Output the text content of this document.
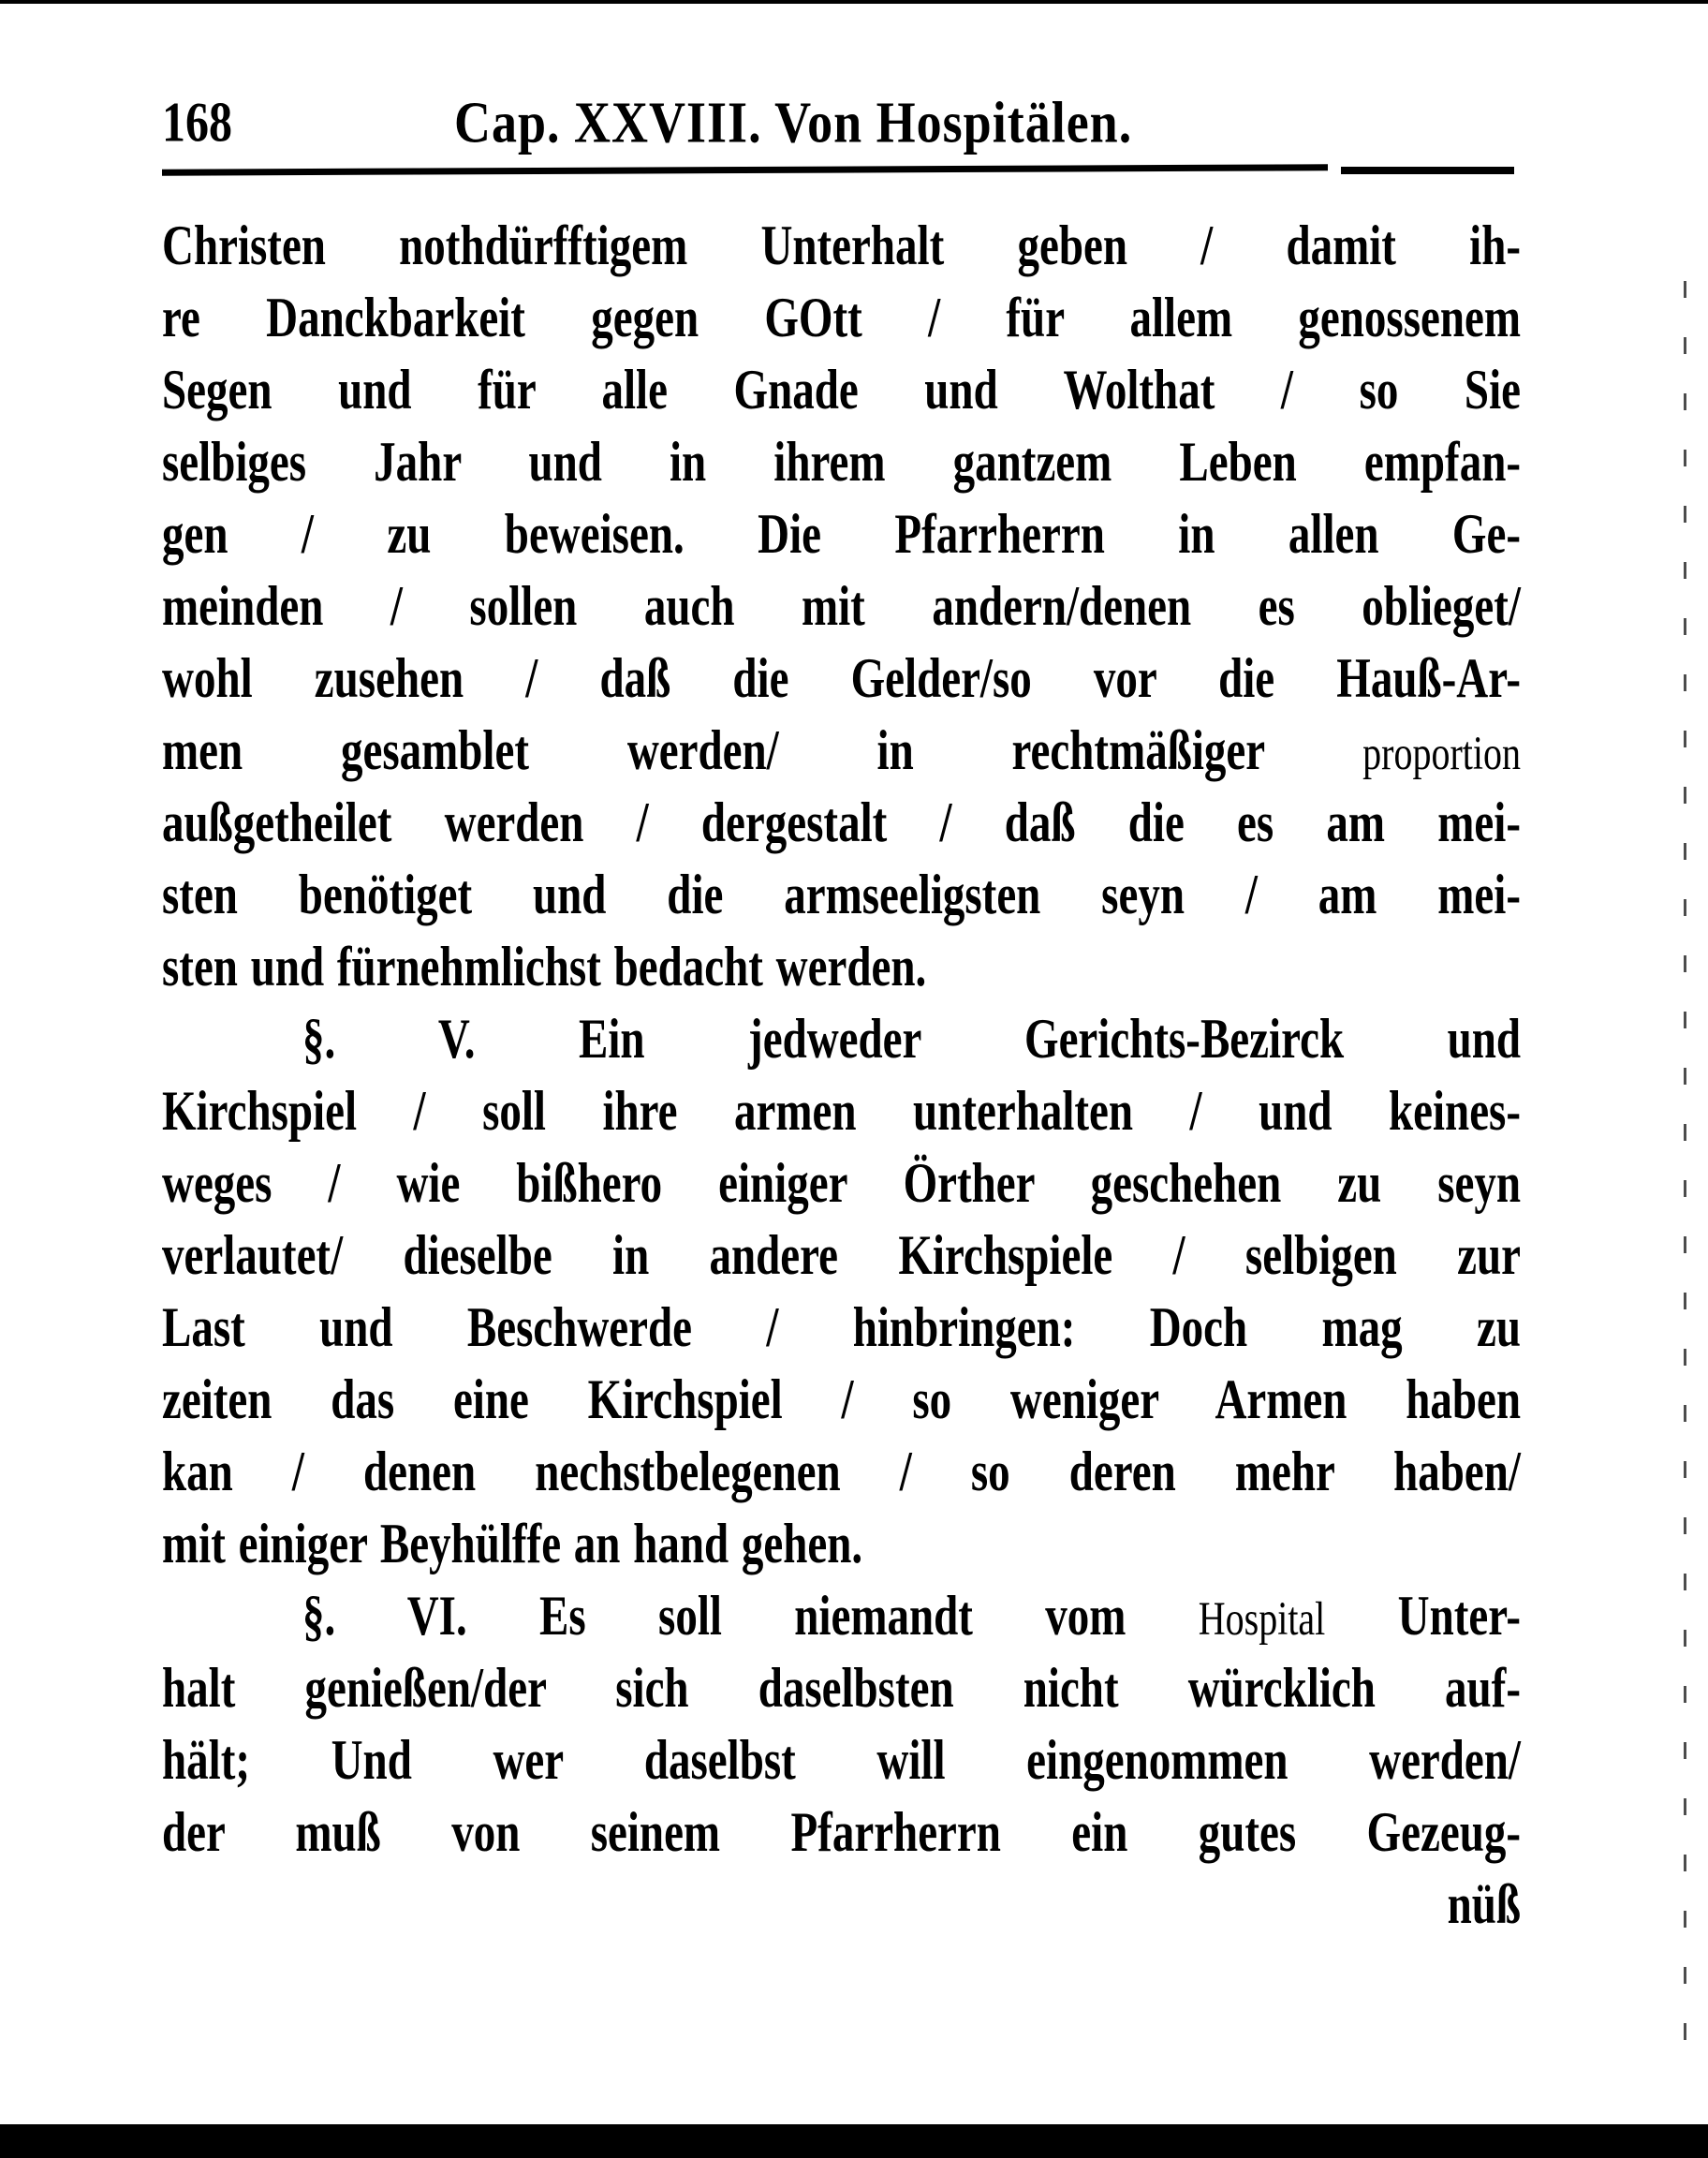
168	Cap. XXVIII. Von Hospitälen.
Christen nothdürfftigem Unterhalt geben / damit ih-
re Danckbarkeit gegen GOtt / für allem genossenem
Segen und für alle Gnade und Wolthat / so Sie
selbiges Jahr und in ihrem gantzem Leben empfan-
gen / zu beweisen. Die Pfarrherrn in allen Ge-
meinden / sollen auch mit andern/denen es oblieget/
wohl zusehen / daß die Gelder/so vor die Hauß-Ar-
men gesamblet werden/ in rechtmäßiger	proportion
außgetheilet werden / dergestalt / daß die es am mei-
sten benötiget und die armseeligsten seyn / am mei-
sten und fürnehmlichst bedacht werden.
§. V. Ein jedweder Gerichts-Bezirck und
Kirchspiel / soll ihre armen unterhalten / und keines-
weges / wie bißhero einiger Örther geschehen zu seyn
verlautet/ dieselbe in andere Kirchspiele / selbigen zur
Last und Beschwerde / hinbringen: Doch mag zu
zeiten das eine Kirchspiel / so weniger Armen haben
kan / denen nechstbelegenen / so deren mehr haben/
mit einiger Beyhülffe an hand gehen.
§. VI. Es soll niemandt vom Hospital Unter-
halt genießen/der sich daselbsten nicht würcklich auf-
hält; Und wer daselbst will eingenommen werden/
der muß von seinem Pfarrherrn ein gutes Gezeug-
nüß
